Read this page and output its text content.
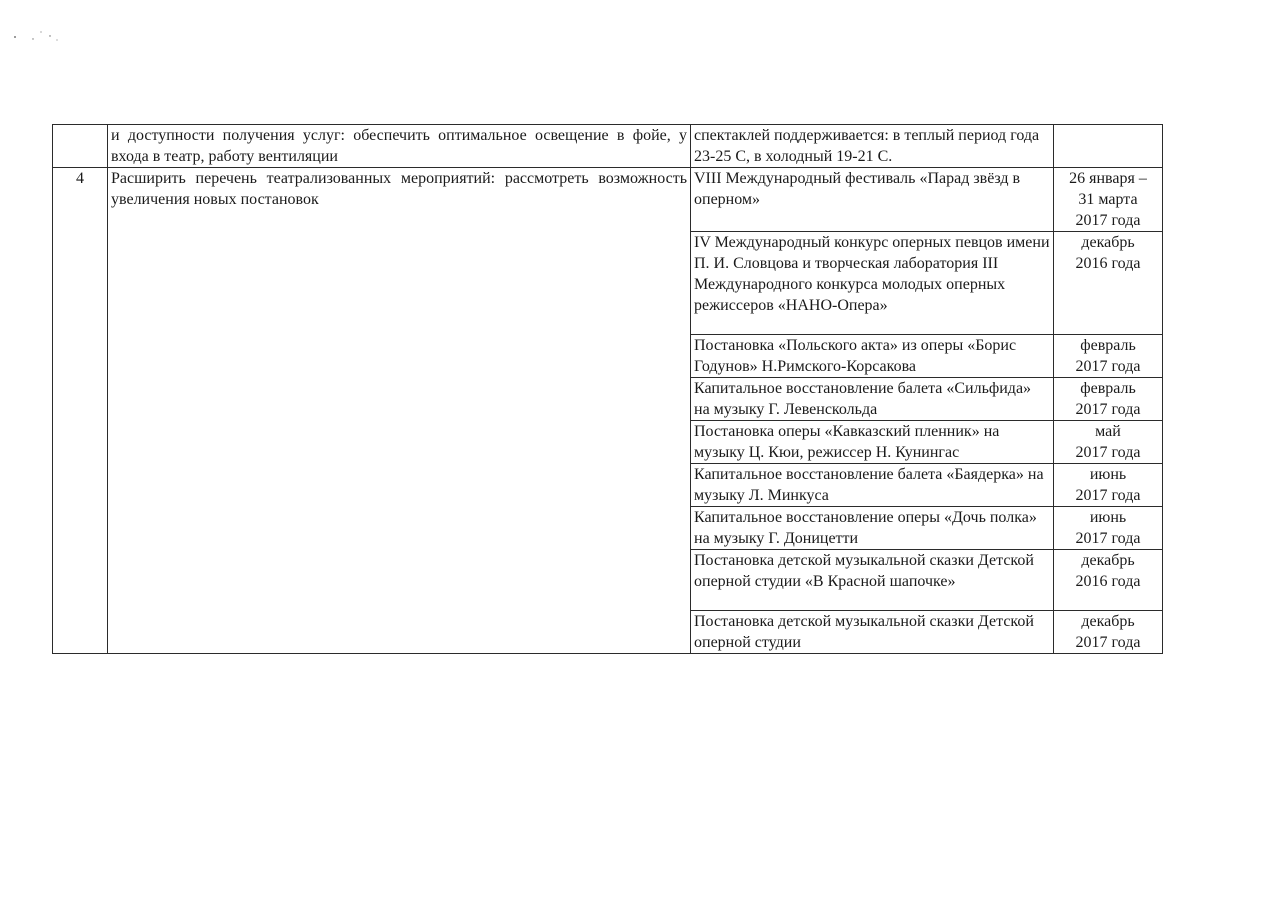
	и доступности получения услуг: обеспечить оптимальное освещение в фойе, у входа в театр, работу вентиляции	спектаклей поддерживается: в теплый период года 23-25 С, в холодный 19-21 С.	
4	Расширить перечень театрализованных мероприятий: рассмотреть возможность увеличения новых постановок	VIII Международный фестиваль «Парад звёзд в оперном»	26 января –
31 марта
2017 года
		IV Международный конкурс оперных певцов имени П. И. Словцова и творческая лаборатория III Международного конкурса молодых оперных режиссеров «НАНО-Опера»	декабрь
2016 года
		Постановка «Польского акта» из оперы «Борис Годунов» Н.Римского-Корсакова	февраль
2017 года
		Капитальное восстановление балета «Сильфида» на музыку Г. Левенскольда	февраль
2017 года
		Постановка оперы «Кавказский пленник» на музыку Ц. Кюи, режиссер Н. Кунингас	май
2017 года
		Капитальное восстановление балета «Баядерка» на музыку Л. Минкуса	июнь
2017 года
		Капитальное восстановление оперы «Дочь полка» на музыку Г. Доницетти	июнь
2017 года
		Постановка детской музыкальной сказки Детской оперной студии «В Красной шапочке»	декабрь
2016 года
		Постановка детской музыкальной сказки Детской оперной студии	декабрь
2017 года
